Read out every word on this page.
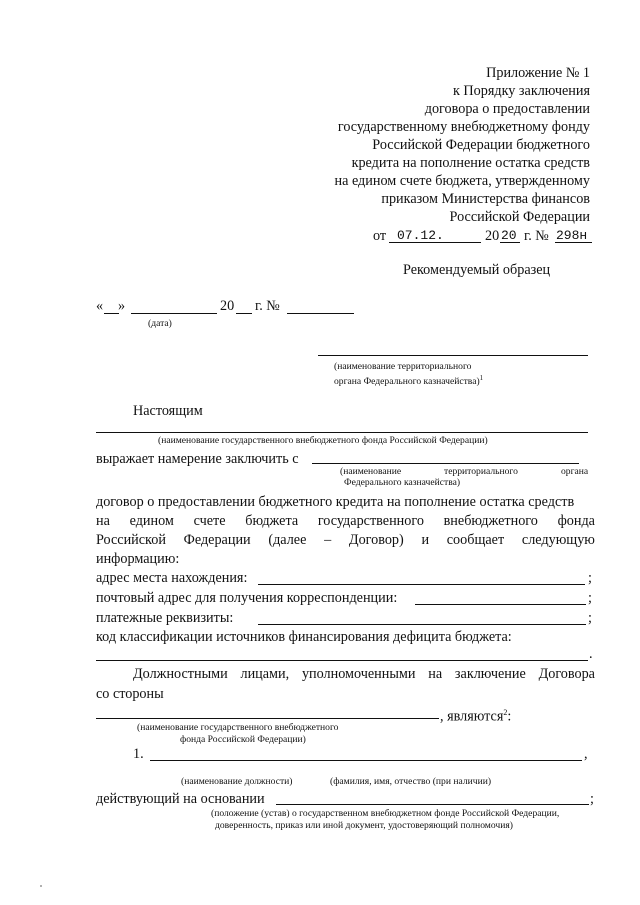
Приложение № 1
к Порядку заключения
договора о предоставлении
государственному внебюджетному фонду
Российской Федерации бюджетного
кредита на пополнение остатка средств
на едином счете бюджета, утвержденному
приказом Министерства финансов
Российской Федерации
от 07.12.	20 20 г. № 298н
Рекомендуемый образец
« »	20 г. №
(дата)
(наименование территориального
органа Федерального казначейства)$^1$
Настоящим
(наименование государственного внебюджетного фонда Российской Федерации)
выражает намерение заключить с
(наименование	территориального	органа
Федерального казначейства)
договор о предоставлении бюджетного кредита на пополнение остатка средств
на едином счете бюджета государственного внебюджетного фонда
Российской Федерации (далее – Договор) и сообщает следующую
информацию:
адрес места нахождения:	;
почтовый адрес для получения корреспонденции:	;
платежные реквизиты:	;
код классификации источников финансирования дефицита бюджета:
.
Должностными лицами, уполномоченными на заключение Договора
со стороны
, являются$^2$:
(наименование государственного внебюджетного
фонда Российской Федерации)
1.	,
(наименование должности)	(фамилия, имя, отчество (при наличии)
действующий на основании	;
(положение (устав) о государственном внебюджетном фонде Российской Федерации,
доверенность, приказ или иной документ, удостоверяющий полномочия)
